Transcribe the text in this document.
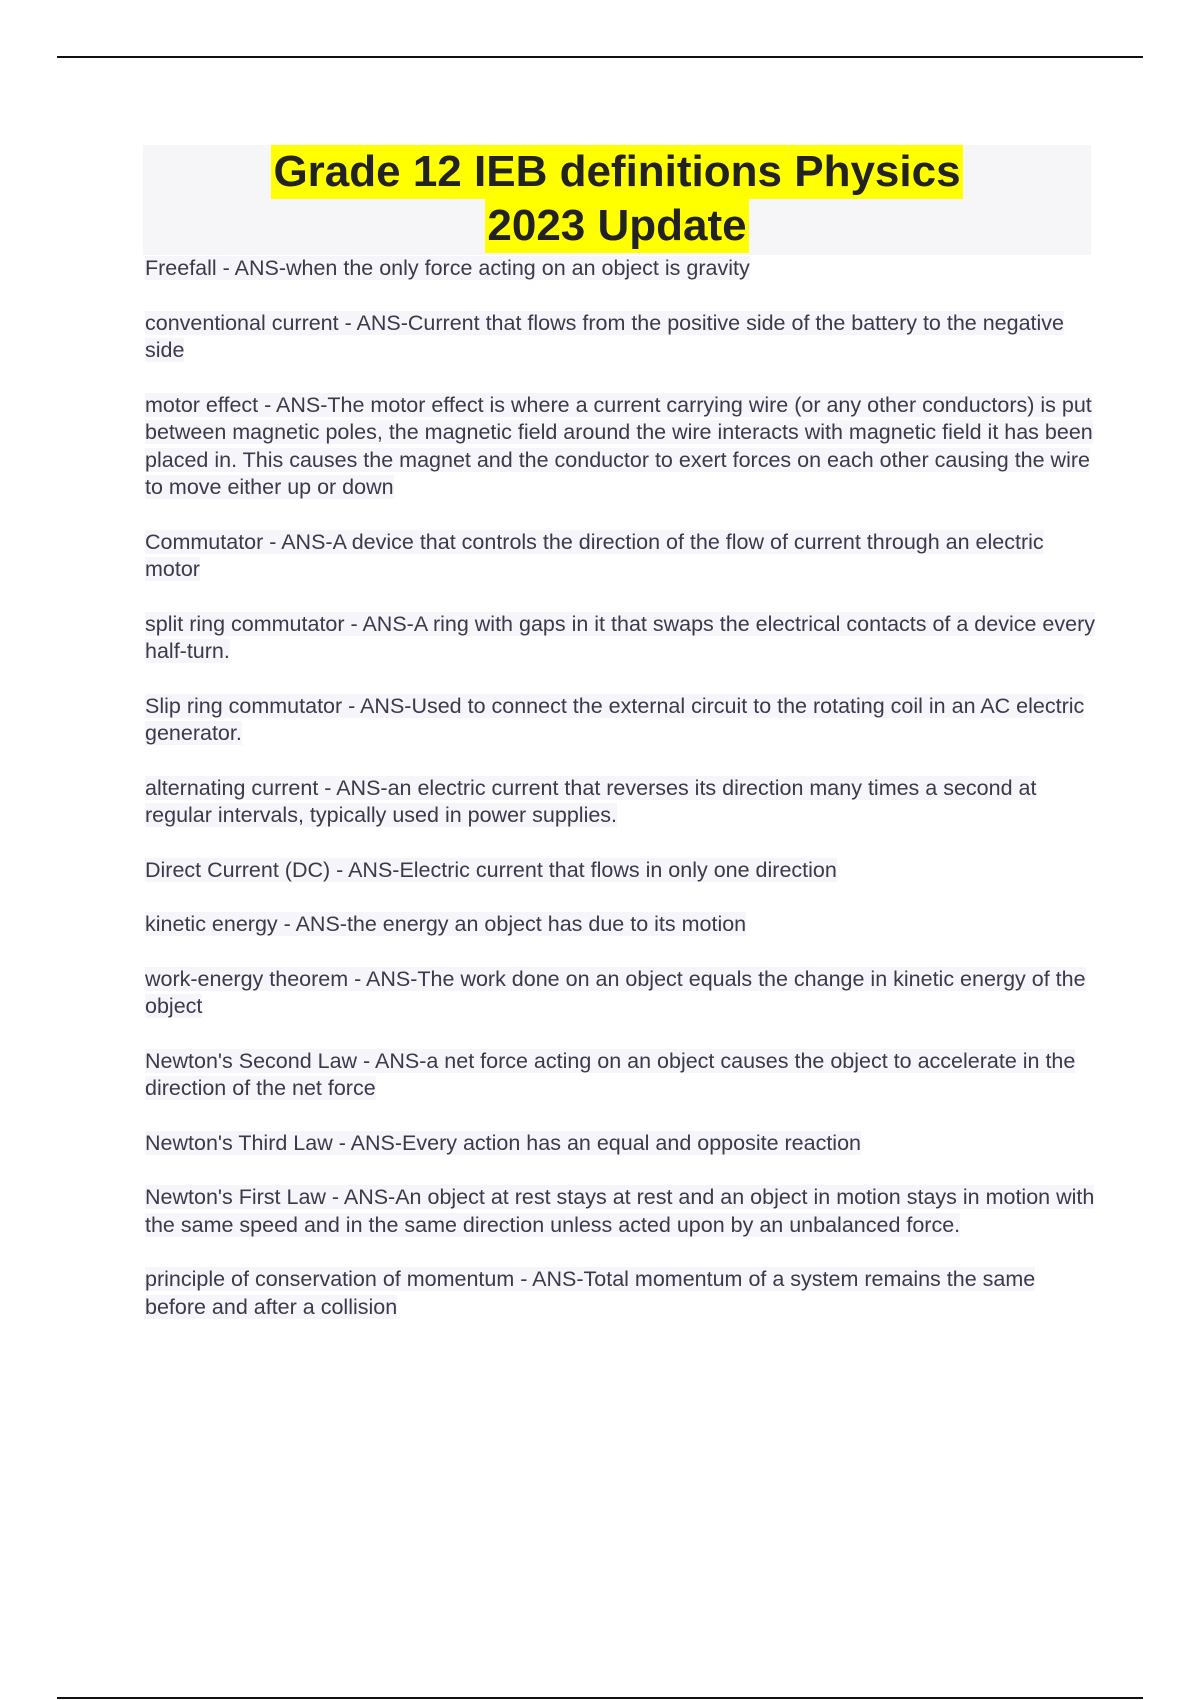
Grade 12 IEB definitions Physics
2023 Update

Freefall - ANS-when the only force acting on an object is gravity

conventional current - ANS-Current that flows from the positive side of the battery to the negative side

motor effect - ANS-The motor effect is where a current carrying wire (or any other conductors) is put between magnetic poles, the magnetic field around the wire interacts with magnetic field it has been placed in. This causes the magnet and the conductor to exert forces on each other causing the wire to move either up or down

Commutator - ANS-A device that controls the direction of the flow of current through an electric motor

split ring commutator - ANS-A ring with gaps in it that swaps the electrical contacts of a device every half-turn.

Slip ring commutator - ANS-Used to connect the external circuit to the rotating coil in an AC electric generator.

alternating current - ANS-an electric current that reverses its direction many times a second at regular intervals, typically used in power supplies.

Direct Current (DC) - ANS-Electric current that flows in only one direction

kinetic energy - ANS-the energy an object has due to its motion

work-energy theorem - ANS-The work done on an object equals the change in kinetic energy of the object

Newton's Second Law - ANS-a net force acting on an object causes the object to accelerate in the direction of the net force

Newton's Third Law - ANS-Every action has an equal and opposite reaction

Newton's First Law - ANS-An object at rest stays at rest and an object in motion stays in motion with the same speed and in the same direction unless acted upon by an unbalanced force.

principle of conservation of momentum - ANS-Total momentum of a system remains the same before and after a collision
